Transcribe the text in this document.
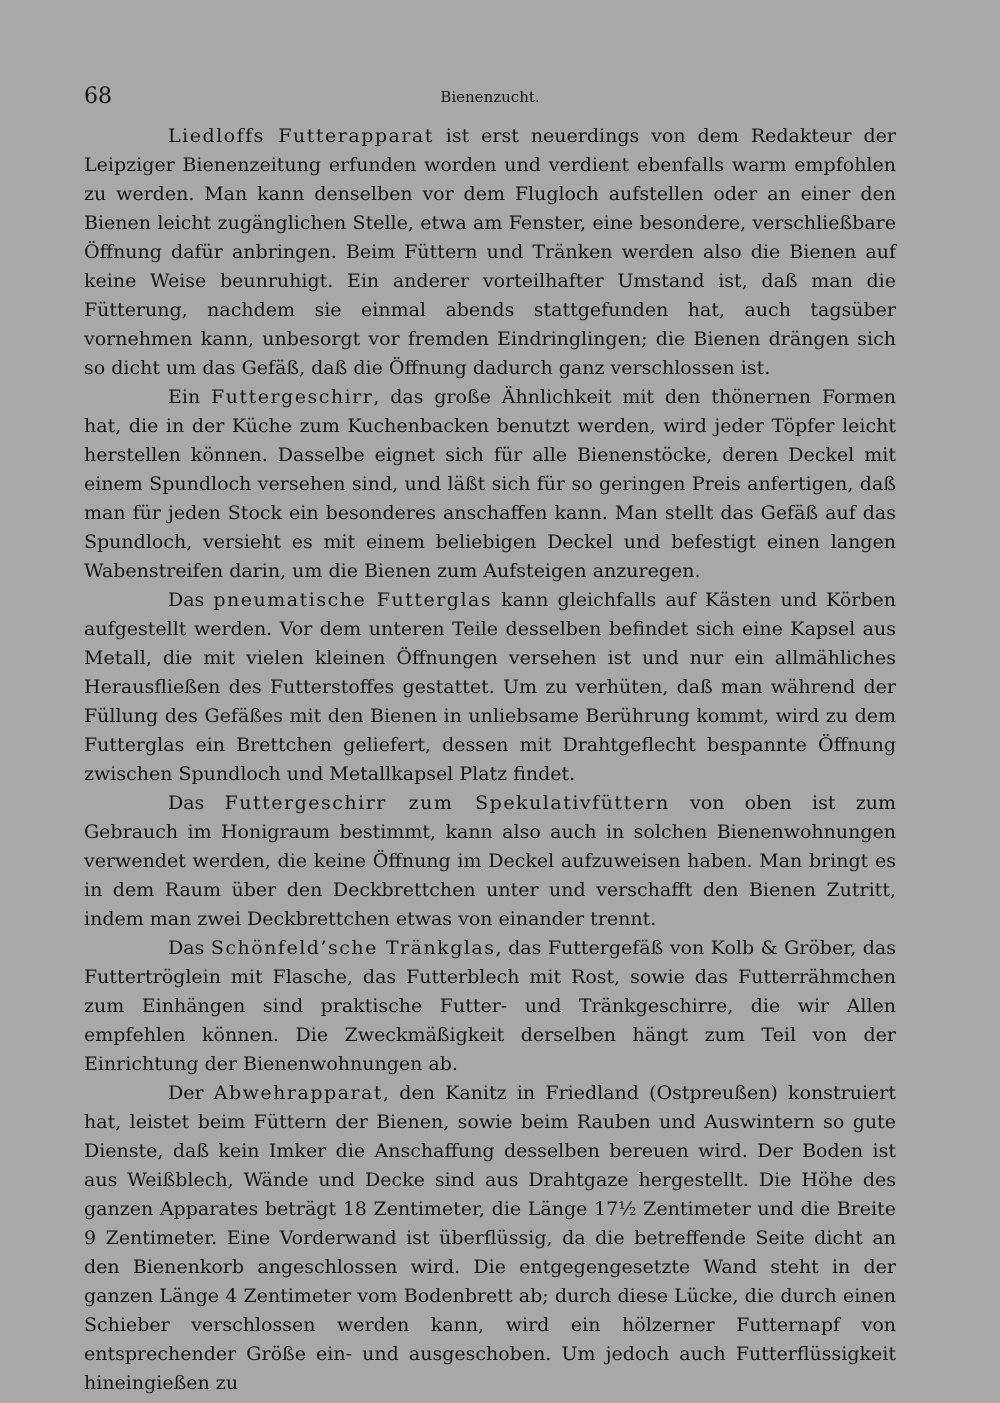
68	Bienenzucht.

Liedloffs Futterapparat ist erst neuerdings von dem Redakteur der Leipziger Bienenzeitung erfunden worden und verdient ebenfalls warm empfohlen zu werden. Man kann denselben vor dem Flugloch aufstellen oder an einer den Bienen leicht zugänglichen Stelle, etwa am Fenster, eine besondere, verschließbare Öffnung dafür anbringen. Beim Füttern und Tränken werden also die Bienen auf keine Weise beunruhigt. Ein anderer vorteilhafter Umstand ist, daß man die Fütterung, nachdem sie einmal abends stattgefunden hat, auch tagsüber vornehmen kann, unbesorgt vor fremden Eindringlingen; die Bienen drängen sich so dicht um das Gefäß, daß die Öffnung dadurch ganz verschlossen ist.

Ein Futtergeschirr, das große Ähnlichkeit mit den thönernen Formen hat, die in der Küche zum Kuchenbacken benutzt werden, wird jeder Töpfer leicht herstellen können. Dasselbe eignet sich für alle Bienenstöcke, deren Deckel mit einem Spundloch versehen sind, und läßt sich für so geringen Preis anfertigen, daß man für jeden Stock ein besonderes anschaffen kann. Man stellt das Gefäß auf das Spundloch, versieht es mit einem beliebigen Deckel und befestigt einen langen Wabenstreifen darin, um die Bienen zum Aufsteigen anzuregen.

Das pneumatische Futterglas kann gleichfalls auf Kästen und Körben aufgestellt werden. Vor dem unteren Teile desselben befindet sich eine Kapsel aus Metall, die mit vielen kleinen Öffnungen versehen ist und nur ein allmähliches Herausfließen des Futterstoffes gestattet. Um zu verhüten, daß man während der Füllung des Gefäßes mit den Bienen in unliebsame Berührung kommt, wird zu dem Futterglas ein Brettchen geliefert, dessen mit Drahtgeflecht bespannte Öffnung zwischen Spundloch und Metallkapsel Platz findet.

Das Futtergeschirr zum Spekulativfüttern von oben ist zum Gebrauch im Honigraum bestimmt, kann also auch in solchen Bienenwohnungen verwendet werden, die keine Öffnung im Deckel aufzuweisen haben. Man bringt es in dem Raum über den Deckbrettchen unter und verschafft den Bienen Zutritt, indem man zwei Deckbrettchen etwas von einander trennt.

Das Schönfeld’sche Tränkglas, das Futtergefäß von Kolb & Gröber, das Futtertröglein mit Flasche, das Futterblech mit Rost, sowie das Futterrähmchen zum Einhängen sind praktische Futter- und Tränkgeschirre, die wir Allen empfehlen können. Die Zweckmäßigkeit derselben hängt zum Teil von der Einrichtung der Bienenwohnungen ab.

Der Abwehrapparat, den Kanitz in Friedland (Ostpreußen) konstruiert hat, leistet beim Füttern der Bienen, sowie beim Rauben und Auswintern so gute Dienste, daß kein Imker die Anschaffung desselben bereuen wird. Der Boden ist aus Weißblech, Wände und Decke sind aus Drahtgaze hergestellt. Die Höhe des ganzen Apparates beträgt 18 Zentimeter, die Länge 17½ Zentimeter und die Breite 9 Zentimeter. Eine Vorderwand ist überflüssig, da die betreffende Seite dicht an den Bienenkorb angeschlossen wird. Die entgegengesetzte Wand steht in der ganzen Länge 4 Zentimeter vom Bodenbrett ab; durch diese Lücke, die durch einen Schieber verschlossen werden kann, wird ein hölzerner Futternapf von entsprechender Größe ein- und ausgeschoben. Um jedoch auch Futterflüssigkeit hineingießen zu
